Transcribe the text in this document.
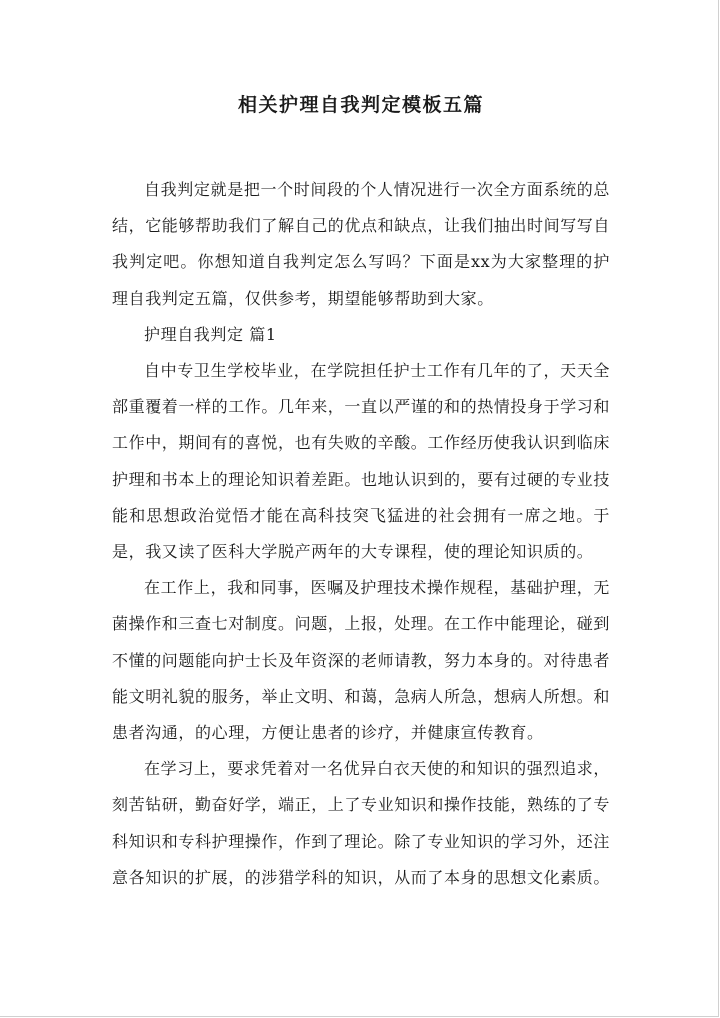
相关护理自我判定模板五篇

自我判定就是把一个时间段的个人情况进行一次全方面系统的总结，它能够帮助我们了解自己的优点和缺点，让我们抽出时间写写自我判定吧。你想知道自我判定怎么写吗？下面是xx为大家整理的护理自我判定五篇，仅供参考，期望能够帮助到大家。

护理自我判定 篇1

自中专卫生学校毕业，在学院担任护士工作有几年的了，天天全部重覆着一样的工作。几年来，一直以严谨的和的热情投身于学习和工作中，期间有的喜悦，也有失败的辛酸。工作经历使我认识到临床护理和书本上的理论知识着差距。也地认识到的，要有过硬的专业技能和思想政治觉悟才能在高科技突飞猛进的社会拥有一席之地。于是，我又读了医科大学脱产两年的大专课程，使的理论知识质的。

在工作上，我和同事，医嘱及护理技术操作规程，基础护理，无菌操作和三查七对制度。问题，上报，处理。在工作中能理论，碰到不懂的问题能向护士长及年资深的老师请教，努力本身的。对待患者能文明礼貌的服务，举止文明、和蔼，急病人所急，想病人所想。和患者沟通，的心理，方便让患者的诊疗，并健康宣传教育。

在学习上，要求凭着对一名优异白衣天使的和知识的强烈追求，刻苦钻研，勤奋好学，端正，上了专业知识和操作技能，熟练的了专科知识和专科护理操作，作到了理论。除了专业知识的学习外，还注意各知识的扩展，的涉猎学科的知识，从而了本身的思想文化素质。
